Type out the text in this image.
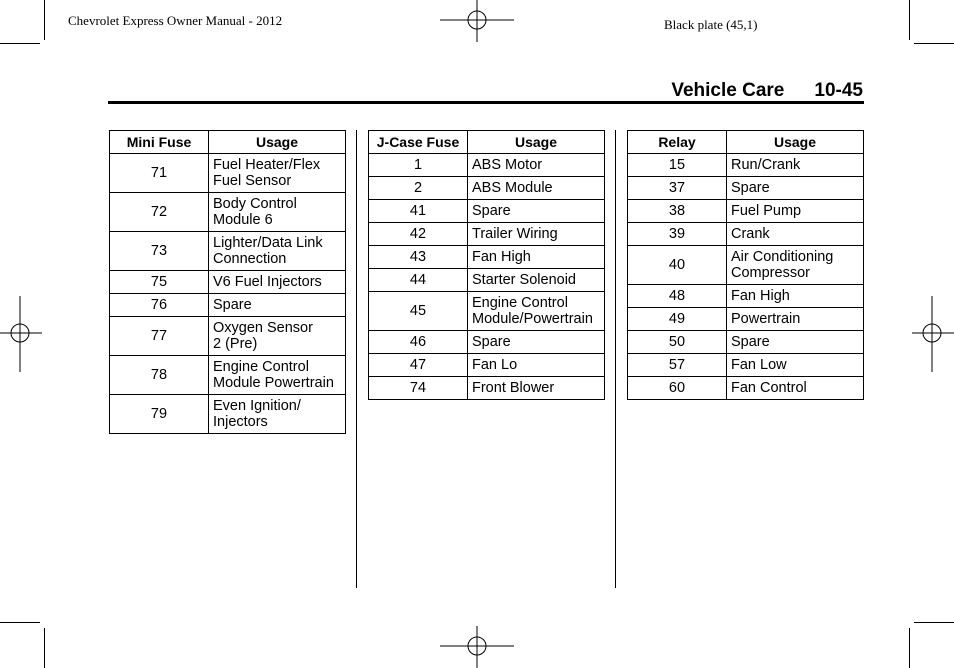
Chevrolet Express Owner Manual - 2012	Black plate (45,1)
Vehicle Care 10-45
Mini Fuse	Usage
71	Fuel Heater/Flex
Fuel Sensor

72	Body Control
Module 6

73	Lighter/Data Link
Connection

75	V6 Fuel Injectors

76	Spare

77	Oxygen Sensor
2 (Pre)

78	Engine Control
Module Powertrain

79	Even Ignition/
Injectors
J-Case Fuse	Usage
1	ABS Motor

2	ABS Module

41	Spare

42	Trailer Wiring

43	Fan High

44	Starter Solenoid

45	Engine Control
Module/Powertrain

46	Spare

47	Fan Lo

74	Front Blower
Relay	Usage
15	Run/Crank

37	Spare

38	Fuel Pump

39	Crank

40	Air Conditioning
Compressor

48	Fan High

49	Powertrain

50	Spare

57	Fan Low

60	Fan Control
